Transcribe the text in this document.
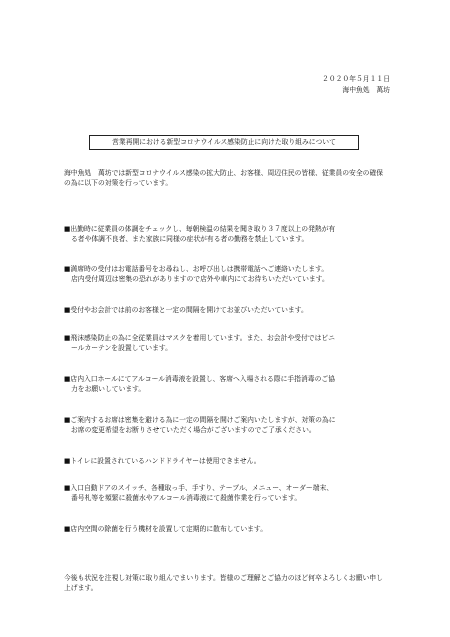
２０２０年５月１１日
海中魚処　萬坊
営業再開における新型コロナウイルス感染防止に向けた取り組みについて

海中魚処　萬坊では新型コロナウイルス感染の拡大防止、お客様、周辺住民の皆様、従業員の安全の確保の為に以下の対策を行っています。

■出勤時に従業員の体調をチェックし、毎朝検温の結果を聞き取り３７度以上の発熱が有
る者や体調不良者、また家族に同様の症状が有る者の勤務を禁止しています。
■満席時の受付はお電話番号をお尋ねし、お呼び出しは携帯電話へご連絡いたします。
店内受付周辺は密集の恐れがありますので店外や車内にてお待ちいただいています。
■受付やお会計では前のお客様と一定の間隔を開けてお並びいただいています。
■飛沫感染防止の為に全従業員はマスクを着用しています。また、お会計や受付ではビニ
ールカーテンを設置しています。
■店内入口ホールにてアルコール消毒液を設置し、客席へ入場される際に手指消毒のご協
力をお願いしています。
■ご案内するお席は密集を避ける為に一定の間隔を開けご案内いたしますが、対策の為に
お席の変更希望をお断りさせていただく場合がございますのでご了承ください。
■トイレに設置されているハンドドライヤーは使用できません。
■入口自動ドアのスイッチ、各種取っ手、手すり、テーブル、メニュー、オーダー端末、
番号札等を頻繁に殺菌水やアルコール消毒液にて殺菌作業を行っています。
■店内空間の除菌を行う機材を設置して定期的に散布しています。

今後も状況を注視し対策に取り組んでまいります。皆様のご理解とご協力のほど何卒よろしくお願い申し上げます。
